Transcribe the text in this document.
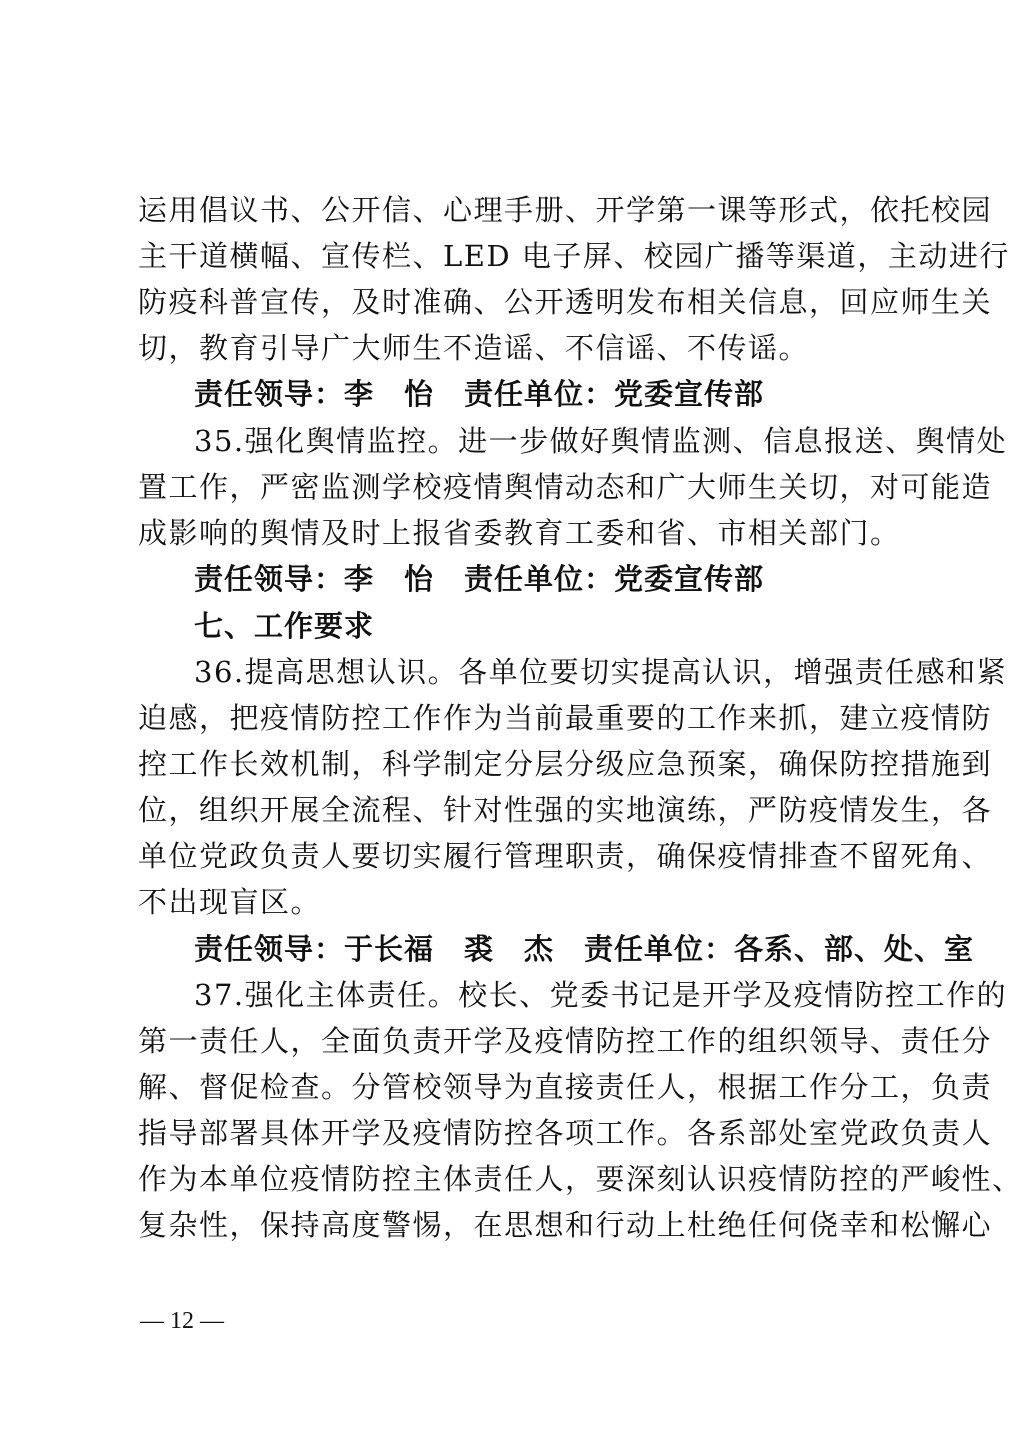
运用倡议书、公开信、心理手册、开学第一课等形式，依托校园
主干道横幅、宣传栏、LED 电子屏、校园广播等渠道，主动进行
防疫科普宣传，及时准确、公开透明发布相关信息，回应师生关
切，教育引导广大师生不造谣、不信谣、不传谣。
责任领导：李　怡　责任单位：党委宣传部
35.强化舆情监控。进一步做好舆情监测、信息报送、舆情处
置工作，严密监测学校疫情舆情动态和广大师生关切，对可能造
成影响的舆情及时上报省委教育工委和省、市相关部门。
责任领导：李　怡　责任单位：党委宣传部
七、工作要求
36.提高思想认识。各单位要切实提高认识，增强责任感和紧
迫感，把疫情防控工作作为当前最重要的工作来抓，建立疫情防
控工作长效机制，科学制定分层分级应急预案，确保防控措施到
位，组织开展全流程、针对性强的实地演练，严防疫情发生，各
单位党政负责人要切实履行管理职责，确保疫情排查不留死角、
不出现盲区。
责任领导：于长福　裘　杰　责任单位：各系、部、处、室
37.强化主体责任。校长、党委书记是开学及疫情防控工作的
第一责任人，全面负责开学及疫情防控工作的组织领导、责任分
解、督促检查。分管校领导为直接责任人，根据工作分工，负责
指导部署具体开学及疫情防控各项工作。各系部处室党政负责人
作为本单位疫情防控主体责任人，要深刻认识疫情防控的严峻性、
复杂性，保持高度警惕，在思想和行动上杜绝任何侥幸和松懈心
— 12 —
